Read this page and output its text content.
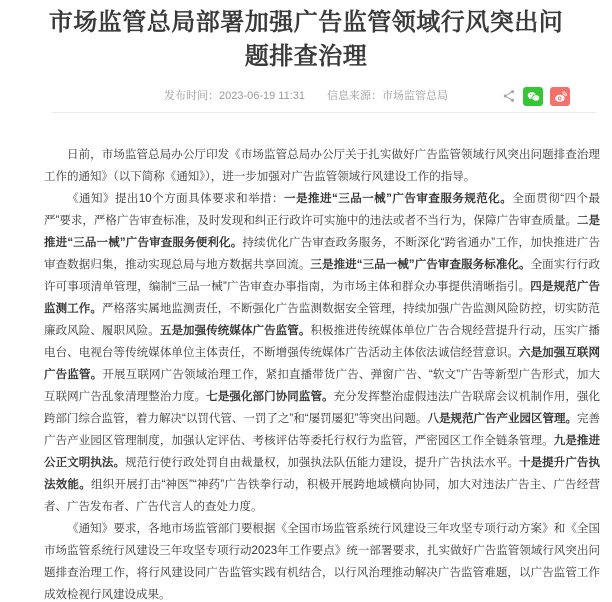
市场监管总局部署加强广告监管领域行风突出问题排查治理
发布时间：2023-06-19 11:31 信息来源：市场监管总局

日前，市场监管总局办公厅印发《市场监管总局办公厅关于扎实做好广告监管领域行风突出问题排查治理工作的通知》（以下简称《通知》），进一步加强对广告监管领域行风建设工作的指导。

《通知》提出10个方面具体要求和举措：一是推进“三品一械”广告审查服务规范化。全面贯彻“四个最严”要求，严格广告审查标准，及时发现和纠正行政许可实施中的违法或者不当行为，保障广告审查质量。二是推进“三品一械”广告审查服务便利化。持续优化广告审查政务服务，不断深化“跨省通办”工作，加快推进广告审查数据归集，推动实现总局与地方数据共享回流。三是推进“三品一械”广告审查服务标准化。全面实行行政许可事项清单管理，编制“三品一械”广告审查办事指南，为市场主体和群众办事提供清晰指引。四是规范广告监测工作。严格落实属地监测责任，不断强化广告监测数据安全管理，持续加强广告监测风险防控，切实防范廉政风险、履职风险。五是加强传统媒体广告监管。积极推进传统媒体单位广告合规经营提升行动，压实广播电台、电视台等传统媒体单位主体责任，不断增强传统媒体广告活动主体依法诚信经营意识。六是加强互联网广告监管。开展互联网广告领域治理工作，紧扣直播带货广告、弹窗广告、“软文”广告等新型广告形式，加大互联网广告乱象清理整治力度。七是强化部门协同监管。充分发挥整治虚假违法广告联席会议机制作用，强化跨部门综合监管，着力解决“以罚代管、一罚了之”和“屡罚屡犯”等突出问题。八是规范广告产业园区管理。完善广告产业园区管理制度，加强认定评估、考核评估等委托行权行为监管，严密园区工作全链条管理。九是推进公正文明执法。规范行使行政处罚自由裁量权，加强执法队伍能力建设，提升广告执法水平。十是提升广告执法效能。组织开展打击“神医”“神药”广告铁拳行动，积极开展跨地域横向协同，加大对违法广告主、广告经营者、广告发布者、广告代言人的查处力度。

《通知》要求，各地市场监管部门要根据《全国市场监管系统行风建设三年攻坚专项行动方案》和《全国市场监管系统行风建设三年攻坚专项行动2023年工作要点》统一部署要求，扎实做好广告监管领域行风突出问题排查治理工作，将行风建设同广告监管实践有机结合，以行风治理推动解决广告监管难题，以广告监管工作成效检视行风建设成果。
